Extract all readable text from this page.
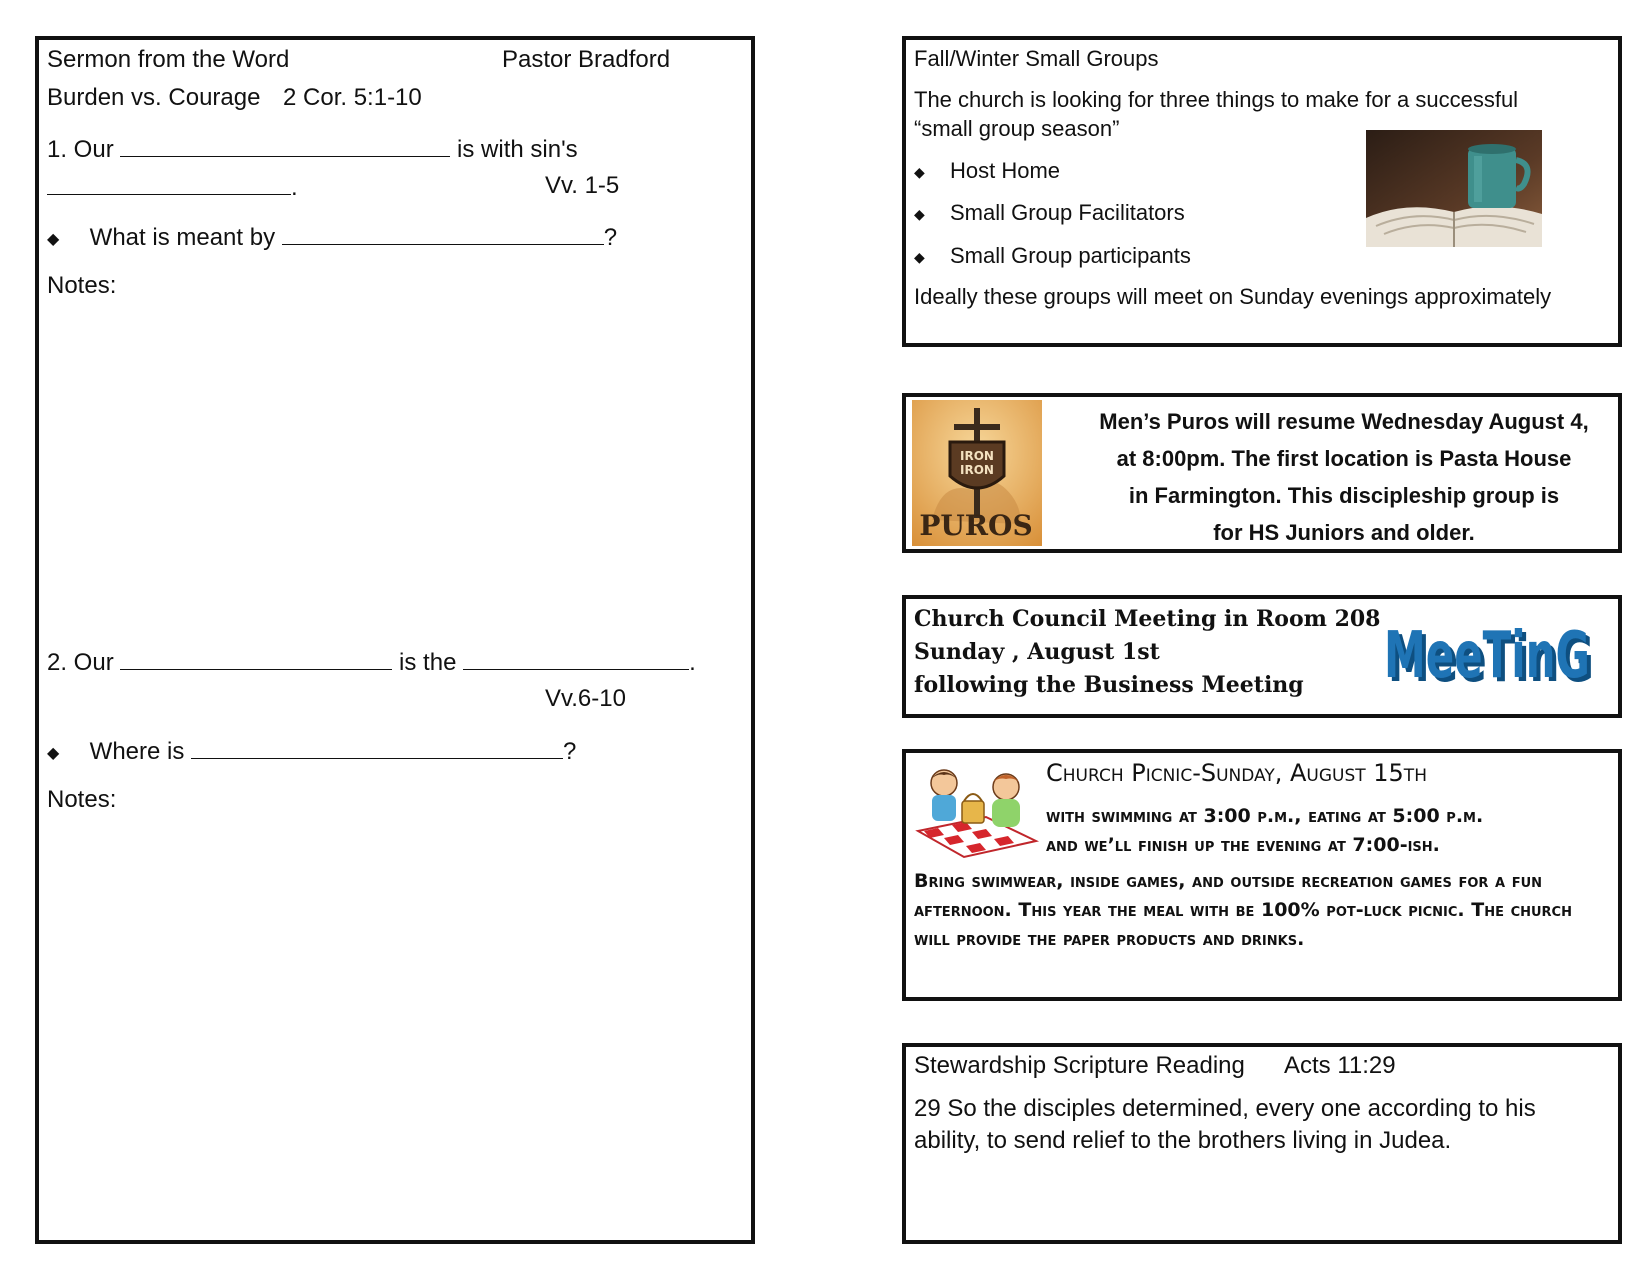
Sermon from the Word	Pastor Bradford
Burden vs. Courage 2 Cor. 5:1-10
1. Our	is with sin's
.	Vv. 1-5
◆ What is meant by	?
Notes:
2. Our	is the	.
Vv.6-10
◆ Where is	?
Notes:
Fall/Winter Small Groups
The church is looking for three things to make for a successful
“small group season”
◆ Host Home
◆ Small Group Facilitators
◆ Small Group participants
Ideally these groups will meet on Sunday evenings approximately
IRON
IRON
PUROS
Men’s Puros will resume Wednesday August 4,
at 8:00pm. The first location is Pasta House
in Farmington. This discipleship group is
for HS Juniors and older.
Church Council Meeting in Room 208
Sunday , August 1st
following the Business Meeting MeeTinG
MeeTinG
Church Picnic-Sunday, August 15th
with swimming at 3:00 p.m., eating at 5:00 p.m.
and we’ll finish up the evening at 7:00-ish.
Bring swimwear, inside games, and outside recreation games for a fun afternoon. This year the meal with be 100% pot-luck picnic. The church will provide the paper products and drinks.
Stewardship Scripture Reading Acts 11:29
29 So the disciples determined, every one according to his
ability, to send relief to the brothers living in Judea.
